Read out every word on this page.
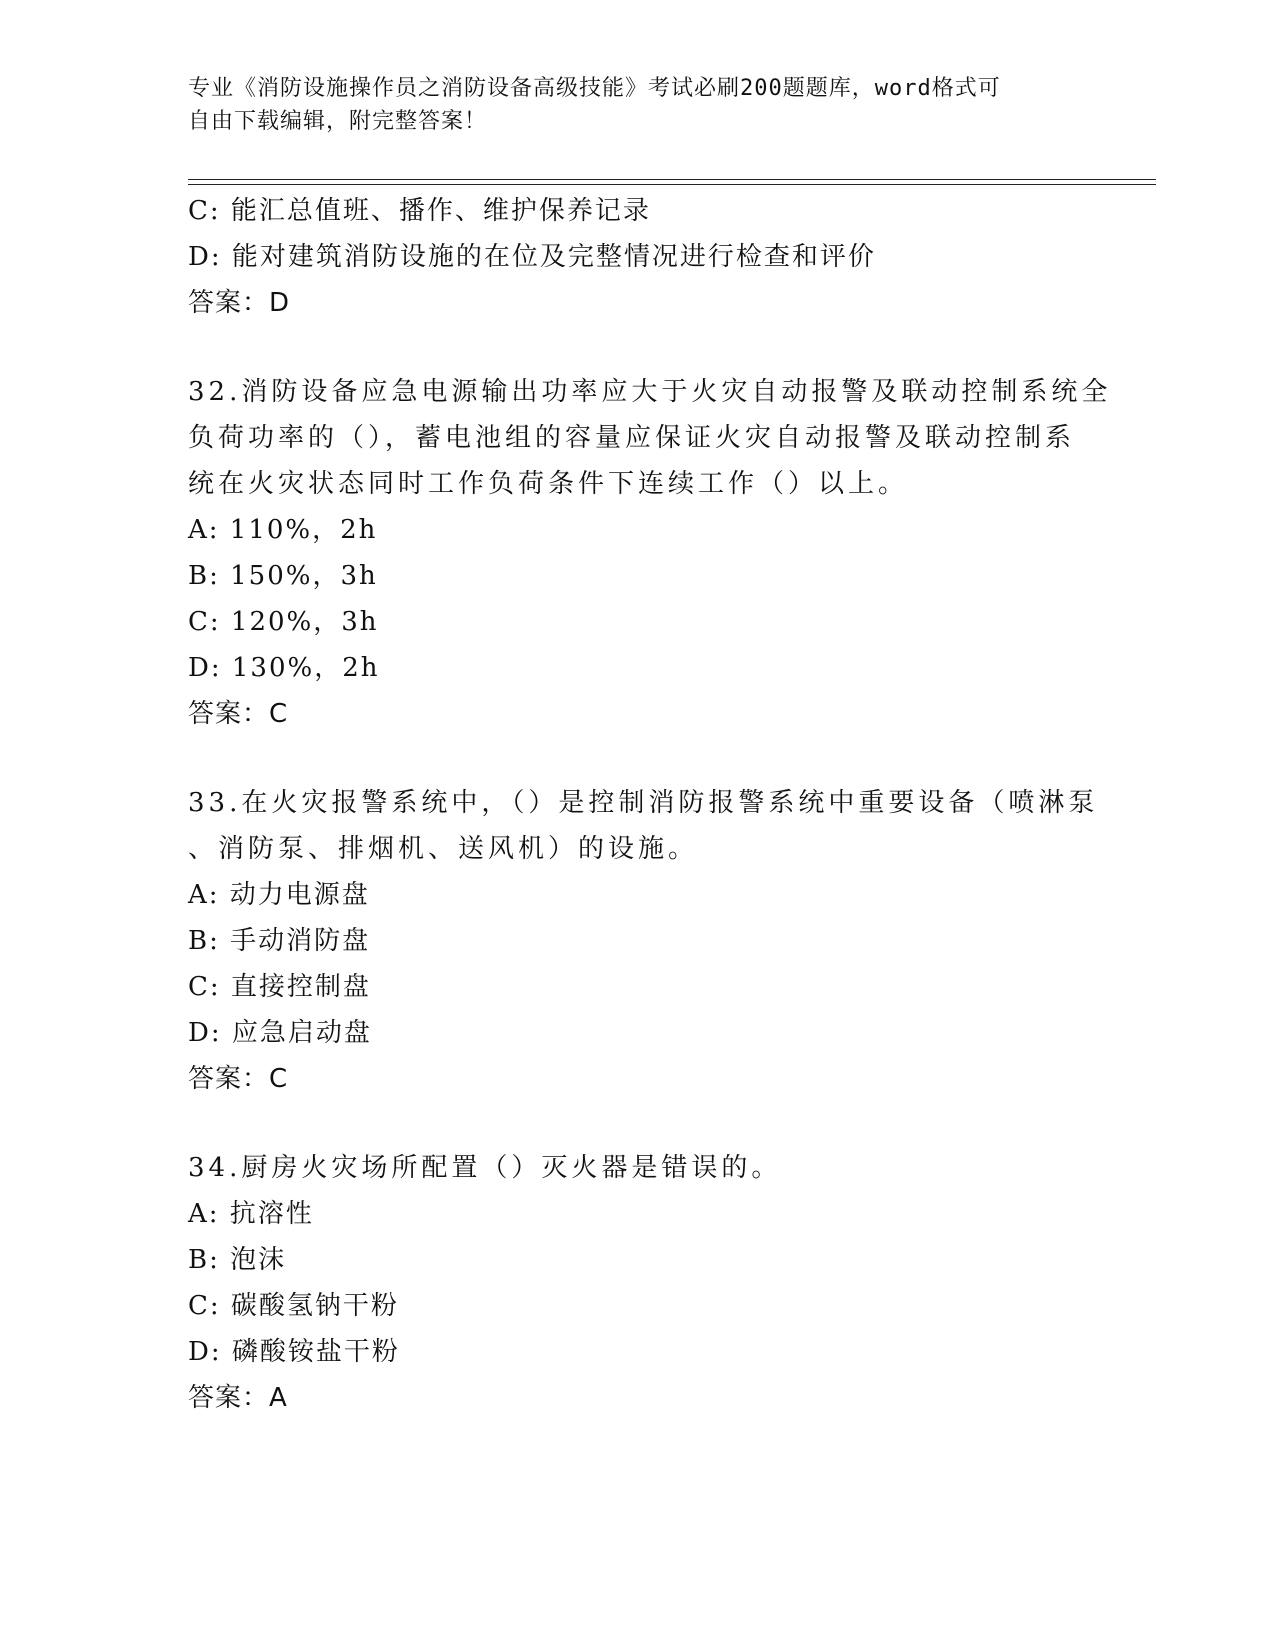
专业《消防设施操作员之消防设备高级技能》考试必刷200题题库，word格式可
自由下载编辑，附完整答案！
C: 能汇总值班、播作、维护保养记录
D: 能对建筑消防设施的在位及完整情况进行检查和评价
答案：D
32.消防设备应急电源输出功率应大于火灾自动报警及联动控制系统全
负荷功率的（），蓄电池组的容量应保证火灾自动报警及联动控制系
统在火灾状态同时工作负荷条件下连续工作（）以上。
A: 110%，2h
B: 150%，3h
C: 120%，3h
D: 130%，2h
答案：C
33.在火灾报警系统中，（）是控制消防报警系统中重要设备（喷淋泵
、消防泵、排烟机、送风机）的设施。
A: 动力电源盘
B: 手动消防盘
C: 直接控制盘
D: 应急启动盘
答案：C
34.厨房火灾场所配置（）灭火器是错误的。
A: 抗溶性
B: 泡沫
C: 碳酸氢钠干粉
D: 磷酸铵盐干粉
答案：A
